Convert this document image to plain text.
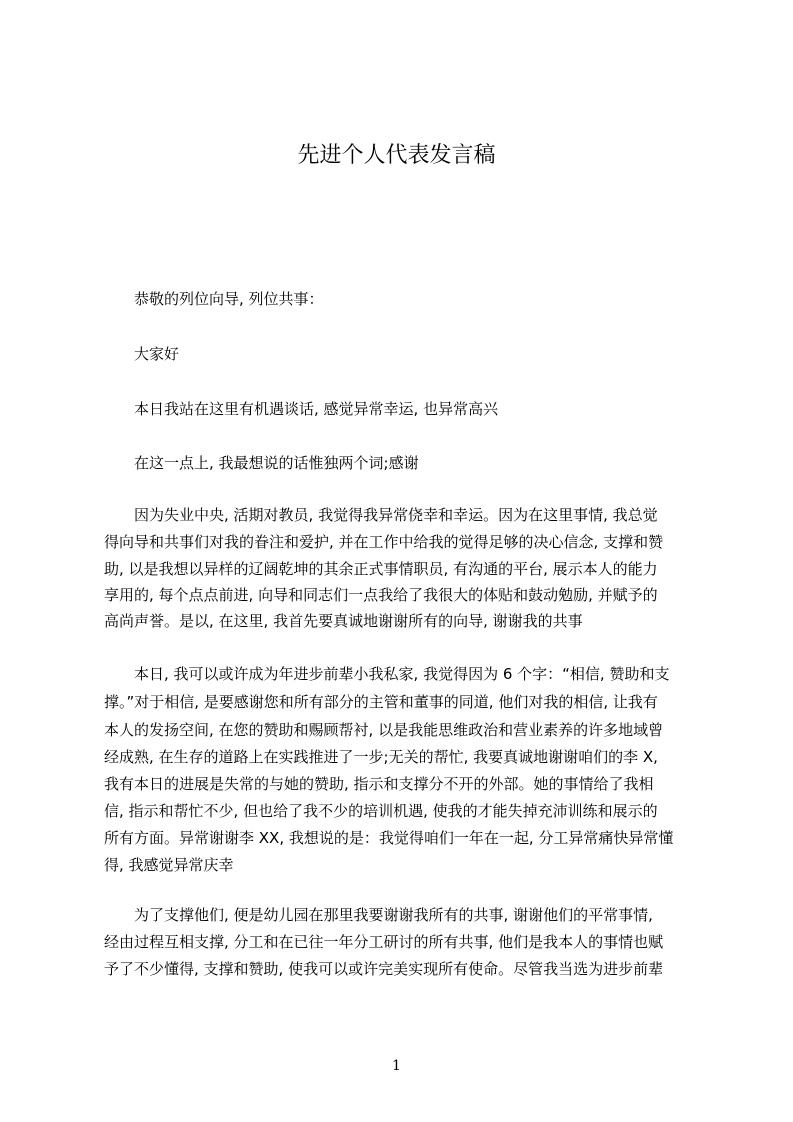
先进个人代表发言稿
　　恭敬的列位向导, 列位共事：
　　大家好
　　本日我站在这里有机遇谈话, 感觉异常幸运, 也异常高兴
　　在这一点上, 我最想说的话惟独两个词;感谢
　　因为失业中央, 活期对教员, 我觉得我异常侥幸和幸运。因为在这里事情, 我总觉
得向导和共事们对我的眷注和爱护, 并在工作中给我的觉得足够的决心信念, 支撑和赞
助, 以是我想以异样的辽阔乾坤的其余正式事情职员, 有沟通的平台, 展示本人的能力
享用的, 每个点点前进, 向导和同志们一点我给了我很大的体贴和鼓动勉励, 并赋予的
高尚声誉。是以, 在这里, 我首先要真诚地谢谢所有的向导, 谢谢我的共事
　　本日, 我可以或许成为年进步前辈小我私家, 我觉得因为 6 个字：“相信, 赞助和支
撑。”对于相信, 是要感谢您和所有部分的主管和董事的同道, 他们对我的相信, 让我有
本人的发扬空间, 在您的赞助和赐顾帮衬, 以是我能思维政治和营业素养的许多地域曾
经成熟, 在生存的道路上在实践推进了一步;无关的帮忙, 我要真诚地谢谢咱们的李 X,
我有本日的进展是失常的与她的赞助, 指示和支撑分不开的外部。她的事情给了我相
信, 指示和帮忙不少, 但也给了我不少的培训机遇, 使我的才能失掉充沛训练和展示的
所有方面。异常谢谢李 XX, 我想说的是：我觉得咱们一年在一起, 分工异常痛快异常懂
得, 我感觉异常庆幸
　　为了支撑他们, 便是幼儿园在那里我要谢谢我所有的共事, 谢谢他们的平常事情,
经由过程互相支撑, 分工和在已往一年分工研讨的所有共事, 他们是我本人的事情也赋
予了不少懂得, 支撑和赞助, 使我可以或许完美实现所有使命。尽管我当选为进步前辈
1
